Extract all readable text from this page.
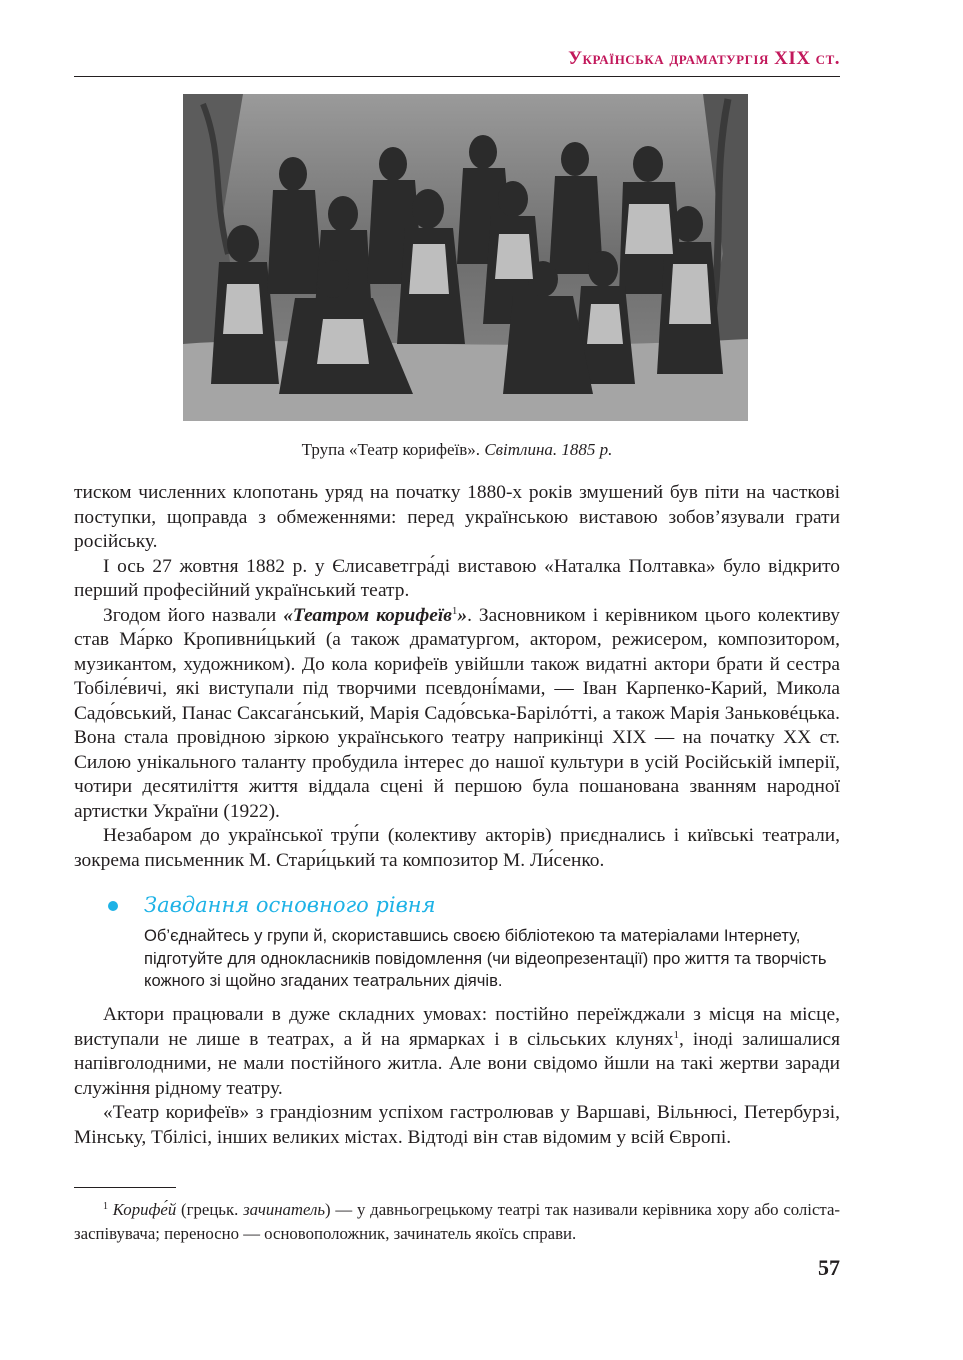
Українська драматургія XIX ст.
Трупа «Театр корифеїв». Світлина. 1885 р.

тиском численних клопотань уряд на початку 1880-х років змушений був піти на часткові поступки, щоправда з обмеженнями: перед українською виставою зобов’язували грати російську.

І ось 27 жовтня 1882 р. у Єлисаветгра́ді виставою «Наталка Полтавка» було відкрито перший професійний український театр.

Згодом його назвали «Театром корифеїв$^1$». Засновником і керівником цього колективу став Ма́рко Кропивни́цький (а також драматургом, актором, режисером, композитором, музикантом, художником). До кола корифеїв увійшли також видатні актори брати й сестра Тобіле́вичі, які виступали під творчими псевдоні́мами, — Іван Карпенко-Карий, Микола Садо́вський, Панас Саксага́нський, Марія Садо́вська-Барілóтті, а також Марія Заньковéцька. Вона стала провідною зіркою українського театру наприкінці XIX — на початку XX ст. Силою унікального таланту пробудила інтерес до нашої культури в усій Російській імперії, чотири десятиліття життя віддала сцені й першою була пошанована званням народної артистки України (1922).

Незабаром до української тру́пи (колективу акторів) приєднались і київські театрали, зокрема письменник М. Стари́цький та композитор М. Ли́сенко.

Завдання основного рівня
Об’єднайтесь у групи й, скориставшись своєю бібліотекою та матеріалами Інтернету, підготуйте для однокласників повідомлення (чи відеопрезентації) про життя та творчість кожного зі щойно згаданих театральних діячів.

Актори працювали в дуже складних умовах: постійно переїжджали з місця на місце, виступали не лише в театрах, а й на ярмарках і в сільських клунях$^1$, іноді залишалися напівголодними, не мали постійного житла. Але вони свідомо йшли на такі жертви заради служіння рідному театру.

«Театр корифеїв» з грандіозним успіхом гастролював у Варшаві, Вільнюсі, Петербурзі, Мінську, Тбілісі, інших великих містах. Відтоді він став відомим у всій Європі.

$^1$ Корифе́й (грецьк. зачинатель) — у давньогрецькому театрі так називали керівника хору або соліста-заспівувача; переносно — основоположник, зачинатель якоїсь справи.

57
